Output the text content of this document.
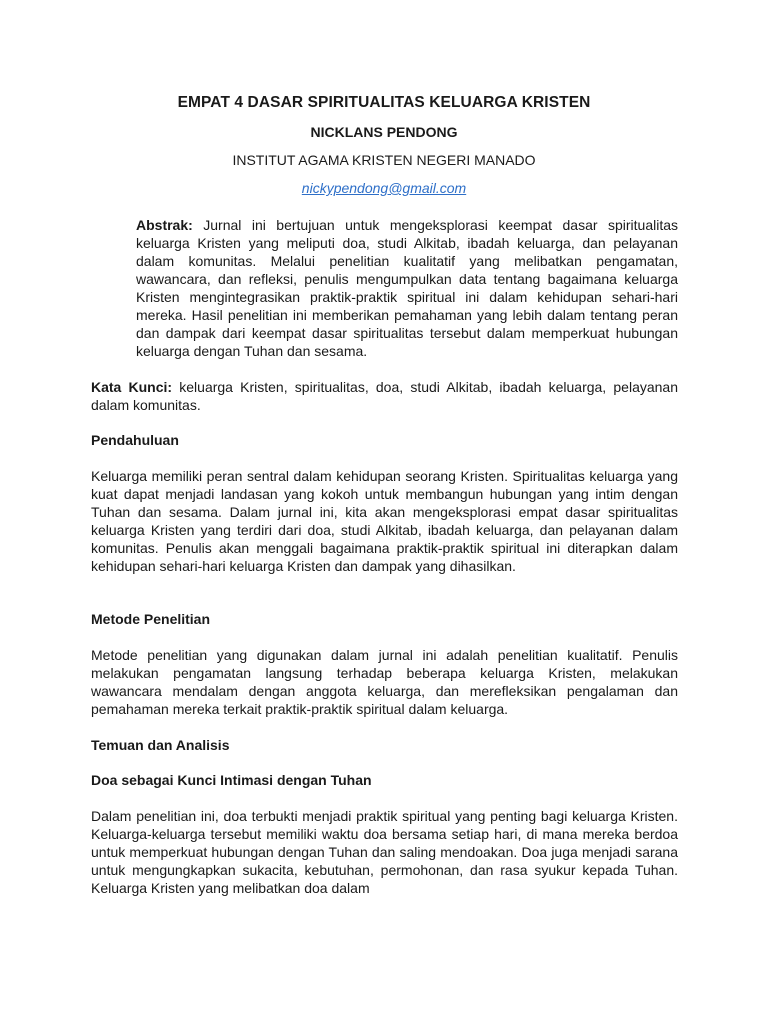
EMPAT 4 DASAR SPIRITUALITAS KELUARGA KRISTEN

NICKLANS PENDONG

INSTITUT AGAMA KRISTEN NEGERI MANADO

nickypendong@gmail.com

Abstrak: Jurnal ini bertujuan untuk mengeksplorasi keempat dasar spiritualitas keluarga Kristen yang meliputi doa, studi Alkitab, ibadah keluarga, dan pelayanan dalam komunitas. Melalui penelitian kualitatif yang melibatkan pengamatan, wawancara, dan refleksi, penulis mengumpulkan data tentang bagaimana keluarga Kristen mengintegrasikan praktik-praktik spiritual ini dalam kehidupan sehari-hari mereka. Hasil penelitian ini memberikan pemahaman yang lebih dalam tentang peran dan dampak dari keempat dasar spiritualitas tersebut dalam memperkuat hubungan keluarga dengan Tuhan dan sesama.

Kata Kunci: keluarga Kristen, spiritualitas, doa, studi Alkitab, ibadah keluarga, pelayanan dalam komunitas.

Pendahuluan

Keluarga memiliki peran sentral dalam kehidupan seorang Kristen. Spiritualitas keluarga yang kuat dapat menjadi landasan yang kokoh untuk membangun hubungan yang intim dengan Tuhan dan sesama. Dalam jurnal ini, kita akan mengeksplorasi empat dasar spiritualitas keluarga Kristen yang terdiri dari doa, studi Alkitab, ibadah keluarga, dan pelayanan dalam komunitas. Penulis akan menggali bagaimana praktik-praktik spiritual ini diterapkan dalam kehidupan sehari-hari keluarga Kristen dan dampak yang dihasilkan.

Metode Penelitian

Metode penelitian yang digunakan dalam jurnal ini adalah penelitian kualitatif. Penulis melakukan pengamatan langsung terhadap beberapa keluarga Kristen, melakukan wawancara mendalam dengan anggota keluarga, dan merefleksikan pengalaman dan pemahaman mereka terkait praktik-praktik spiritual dalam keluarga.

Temuan dan Analisis
Doa sebagai Kunci Intimasi dengan Tuhan

Dalam penelitian ini, doa terbukti menjadi praktik spiritual yang penting bagi keluarga Kristen. Keluarga-keluarga tersebut memiliki waktu doa bersama setiap hari, di mana mereka berdoa untuk memperkuat hubungan dengan Tuhan dan saling mendoakan. Doa juga menjadi sarana untuk mengungkapkan sukacita, kebutuhan, permohonan, dan rasa syukur kepada Tuhan. Keluarga Kristen yang melibatkan doa dalam
